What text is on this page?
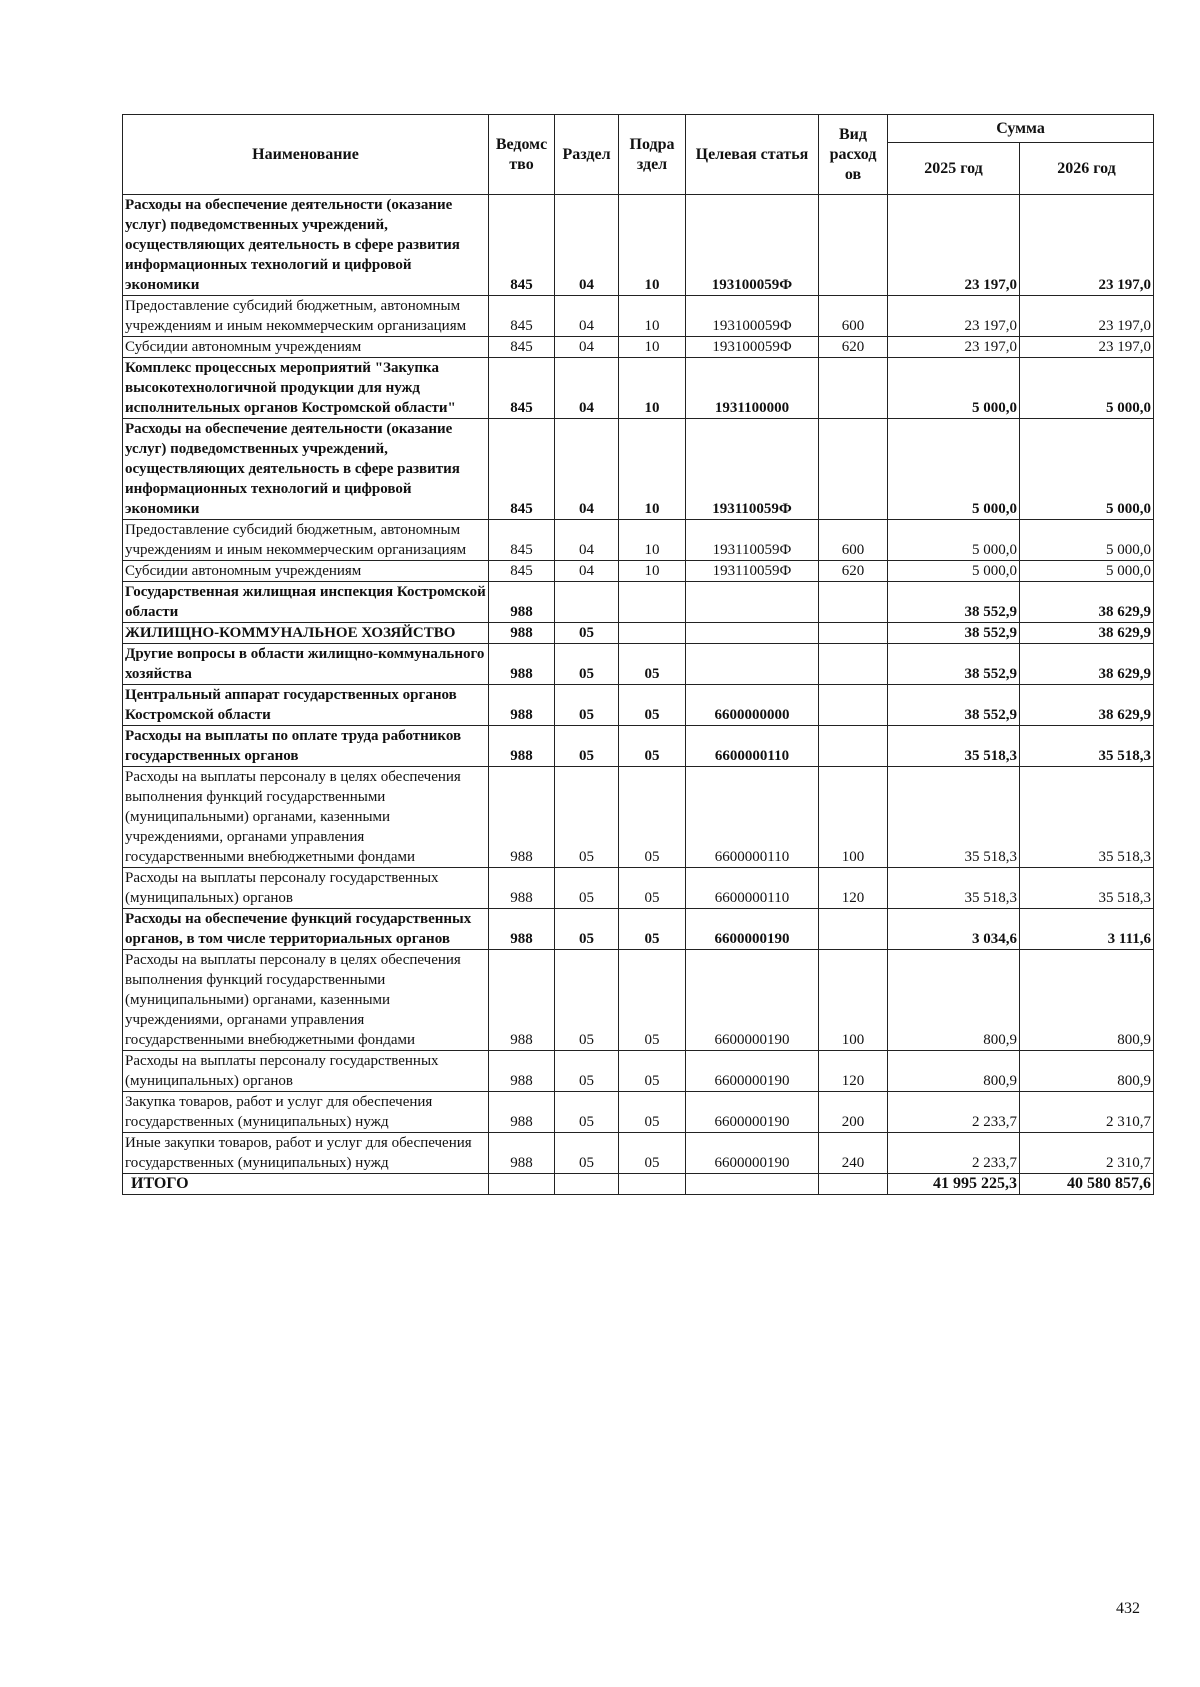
Наименование	Ведомс тво	Раздел	Подра здел	Целевая статья	Вид расход ов	Сумма	
						2025 год	2026 год
Расходы на обеспечение деятельности (оказание услуг) подведомственных учреждений, осуществляющих деятельность в сфере развития информационных технологий и цифровой экономики	845	04	10	193100059Ф		23 197,0	23 197,0
Предоставление субсидий бюджетным, автономным учреждениям и иным некоммерческим организациям	845	04	10	193100059Ф	600	23 197,0	23 197,0
Субсидии автономным учреждениям	845	04	10	193100059Ф	620	23 197,0	23 197,0
Комплекс процессных мероприятий "Закупка высокотехнологичной продукции для нужд исполнительных органов Костромской области"	845	04	10	1931100000		5 000,0	5 000,0
Расходы на обеспечение деятельности (оказание услуг) подведомственных учреждений, осуществляющих деятельность в сфере развития информационных технологий и цифровой экономики	845	04	10	193110059Ф		5 000,0	5 000,0
Предоставление субсидий бюджетным, автономным учреждениям и иным некоммерческим организациям	845	04	10	193110059Ф	600	5 000,0	5 000,0
Субсидии автономным учреждениям	845	04	10	193110059Ф	620	5 000,0	5 000,0
Государственная жилищная инспекция Костромской области	988					38 552,9	38 629,9
ЖИЛИЩНО-КОММУНАЛЬНОЕ ХОЗЯЙСТВО	988	05				38 552,9	38 629,9
Другие вопросы в области жилищно-коммунального хозяйства	988	05	05			38 552,9	38 629,9
Центральный аппарат государственных органов Костромской области	988	05	05	6600000000		38 552,9	38 629,9
Расходы на выплаты по оплате труда работников государственных органов	988	05	05	6600000110		35 518,3	35 518,3
Расходы на выплаты персоналу в целях обеспечения выполнения функций государственными (муниципальными) органами, казенными учреждениями, органами управления государственными внебюджетными фондами	988	05	05	6600000110	100	35 518,3	35 518,3
Расходы на выплаты персоналу государственных (муниципальных) органов	988	05	05	6600000110	120	35 518,3	35 518,3
Расходы на обеспечение функций государственных органов, в том числе территориальных органов	988	05	05	6600000190		3 034,6	3 111,6
Расходы на выплаты персоналу в целях обеспечения выполнения функций государственными (муниципальными) органами, казенными учреждениями, органами управления государственными внебюджетными фондами	988	05	05	6600000190	100	800,9	800,9
Расходы на выплаты персоналу государственных (муниципальных) органов	988	05	05	6600000190	120	800,9	800,9
Закупка товаров, работ и услуг для обеспечения государственных (муниципальных) нужд	988	05	05	6600000190	200	2 233,7	2 310,7
Иные закупки товаров, работ и услуг для обеспечения государственных (муниципальных) нужд	988	05	05	6600000190	240	2 233,7	2 310,7
ИТОГО						41 995 225,3	40 580 857,6
432
